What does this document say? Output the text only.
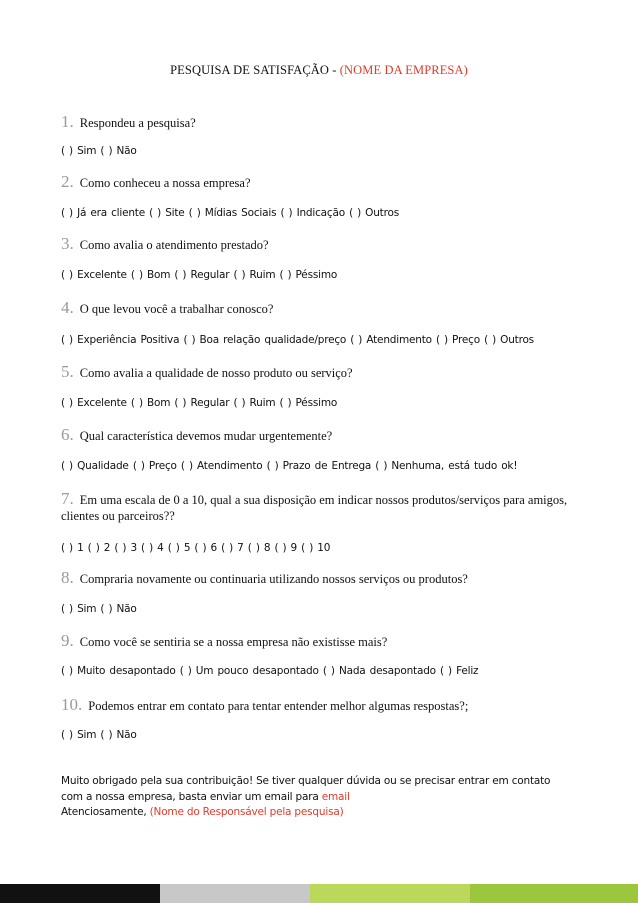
PESQUISA DE SATISFAÇÃO - (NOME DA EMPRESA)
1. Respondeu a pesquisa?
( ) Sim ( ) Não
2. Como conheceu a nossa empresa?
( ) Já era cliente ( ) Site ( ) Mídias Sociais ( ) Indicação ( ) Outros
3. Como avalia o atendimento prestado?
( ) Excelente ( ) Bom ( ) Regular ( ) Ruim ( ) Péssimo
4. O que levou você a trabalhar conosco?
( ) Experiência Positiva ( ) Boa relação qualidade/preço ( ) Atendimento ( ) Preço ( ) Outros
5. Como avalia a qualidade de nosso produto ou serviço?
( ) Excelente ( ) Bom ( ) Regular ( ) Ruim ( ) Péssimo
6. Qual característica devemos mudar urgentemente?
( ) Qualidade ( ) Preço ( ) Atendimento ( ) Prazo de Entrega ( ) Nenhuma, está tudo ok!
7. Em uma escala de 0 a 10, qual a sua disposição em indicar nossos produtos/serviços para amigos, clientes ou parceiros??
( ) 1 ( ) 2 ( ) 3 ( ) 4 ( ) 5 ( ) 6 ( ) 7 ( ) 8 ( ) 9 ( ) 10
8. Compraria novamente ou continuaria utilizando nossos serviços ou produtos?
( ) Sim ( ) Não
9. Como você se sentiria se a nossa empresa não existisse mais?
( ) Muito desapontado ( ) Um pouco desapontado ( ) Nada desapontado ( ) Feliz
10. Podemos entrar em contato para tentar entender melhor algumas respostas?;
( ) Sim ( ) Não
Muito obrigado pela sua contribuição! Se tiver qualquer dúvida ou se precisar entrar em contato
com a nossa empresa, basta enviar um email para email
Atenciosamente, (Nome do Responsável pela pesquisa)
